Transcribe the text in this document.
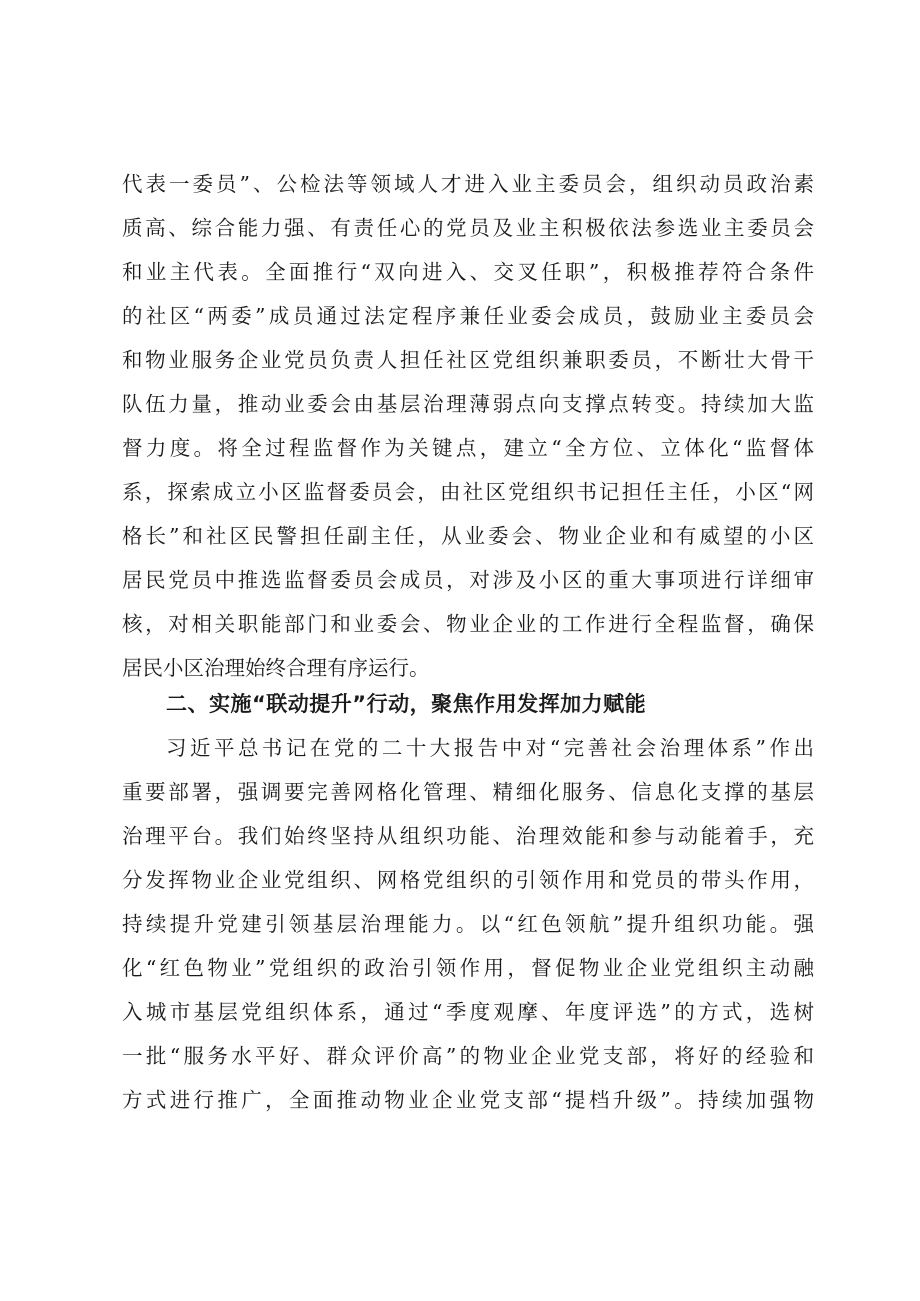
代表一委员”、公检法等领域人才进入业主委员会，组织动员政治素
质高、综合能力强、有责任心的党员及业主积极依法参选业主委员会
和业主代表。全面推行“双向进入、交叉任职”，积极推荐符合条件
的社区“两委”成员通过法定程序兼任业委会成员，鼓励业主委员会
和物业服务企业党员负责人担任社区党组织兼职委员，不断壮大骨干
队伍力量，推动业委会由基层治理薄弱点向支撑点转变。持续加大监
督力度。将全过程监督作为关键点，建立“全方位、立体化“监督体
系，探索成立小区监督委员会，由社区党组织书记担任主任，小区“网
格长”和社区民警担任副主任，从业委会、物业企业和有威望的小区
居民党员中推选监督委员会成员，对涉及小区的重大事项进行详细审
核，对相关职能部门和业委会、物业企业的工作进行全程监督，确保
居民小区治理始终合理有序运行。
二、实施“联动提升”行动，聚焦作用发挥加力赋能
习近平总书记在党的二十大报告中对“完善社会治理体系”作出
重要部署，强调要完善网格化管理、精细化服务、信息化支撑的基层
治理平台。我们始终坚持从组织功能、治理效能和参与动能着手，充
分发挥物业企业党组织、网格党组织的引领作用和党员的带头作用，
持续提升党建引领基层治理能力。以“红色领航”提升组织功能。强
化“红色物业”党组织的政治引领作用，督促物业企业党组织主动融
入城市基层党组织体系，通过“季度观摩、年度评选”的方式，选树
一批“服务水平好、群众评价高”的物业企业党支部，将好的经验和
方式进行推广，全面推动物业企业党支部“提档升级”。持续加强物
